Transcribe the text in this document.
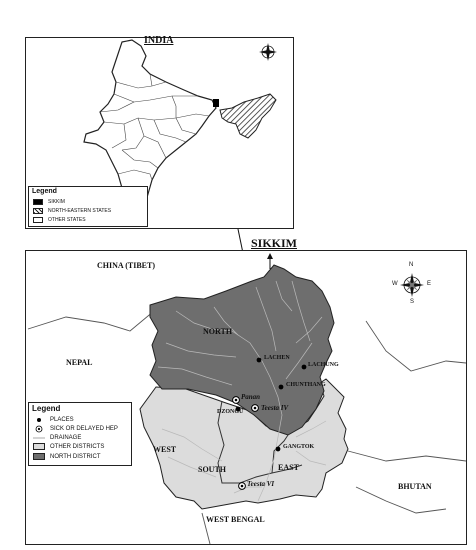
INDIA
Legend
SIKKIM
NORTH-EASTERN STATES
OTHER STATES
SIKKIM
N
S
W	E
CHINA (TIBET)
NEPAL
BHUTAN
WEST BENGAL
NORTH
WEST
SOUTH	EAST
LACHEN
LACHUNG
CHUNTHANG
Panan
DZONGU	Teesta IV
GANGTOK
Teesta VI
Legend
PLACES
SICK OR DELAYED HEP
DRAINAGE
OTHER DISTRICTS
NORTH DISTRICT
